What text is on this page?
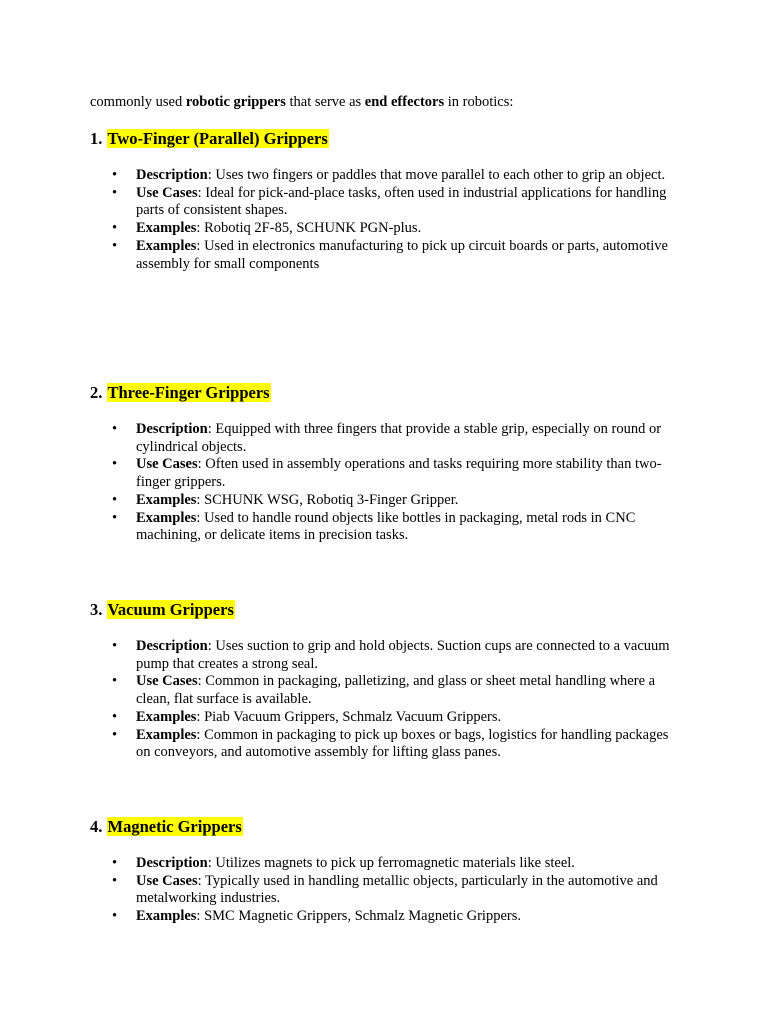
commonly used robotic grippers that serve as end effectors in robotics:

1. Two-Finger (Parallel) Grippers
• Description: Uses two fingers or paddles that move parallel to each other to grip an object.
• Use Cases: Ideal for pick-and-place tasks, often used in industrial applications for handling parts of consistent shapes.
• Examples: Robotiq 2F-85, SCHUNK PGN-plus.
• Examples: Used in electronics manufacturing to pick up circuit boards or parts, automotive assembly for small components
2. Three-Finger Grippers
• Description: Equipped with three fingers that provide a stable grip, especially on round or cylindrical objects.
• Use Cases: Often used in assembly operations and tasks requiring more stability than two-finger grippers.
• Examples: SCHUNK WSG, Robotiq 3-Finger Gripper.
• Examples: Used to handle round objects like bottles in packaging, metal rods in CNC machining, or delicate items in precision tasks.
3. Vacuum Grippers
• Description: Uses suction to grip and hold objects. Suction cups are connected to a vacuum pump that creates a strong seal.
• Use Cases: Common in packaging, palletizing, and glass or sheet metal handling where a clean, flat surface is available.
• Examples: Piab Vacuum Grippers, Schmalz Vacuum Grippers.
• Examples: Common in packaging to pick up boxes or bags, logistics for handling packages on conveyors, and automotive assembly for lifting glass panes.
4. Magnetic Grippers
• Description: Utilizes magnets to pick up ferromagnetic materials like steel.
• Use Cases: Typically used in handling metallic objects, particularly in the automotive and metalworking industries.
• Examples: SMC Magnetic Grippers, Schmalz Magnetic Grippers.
